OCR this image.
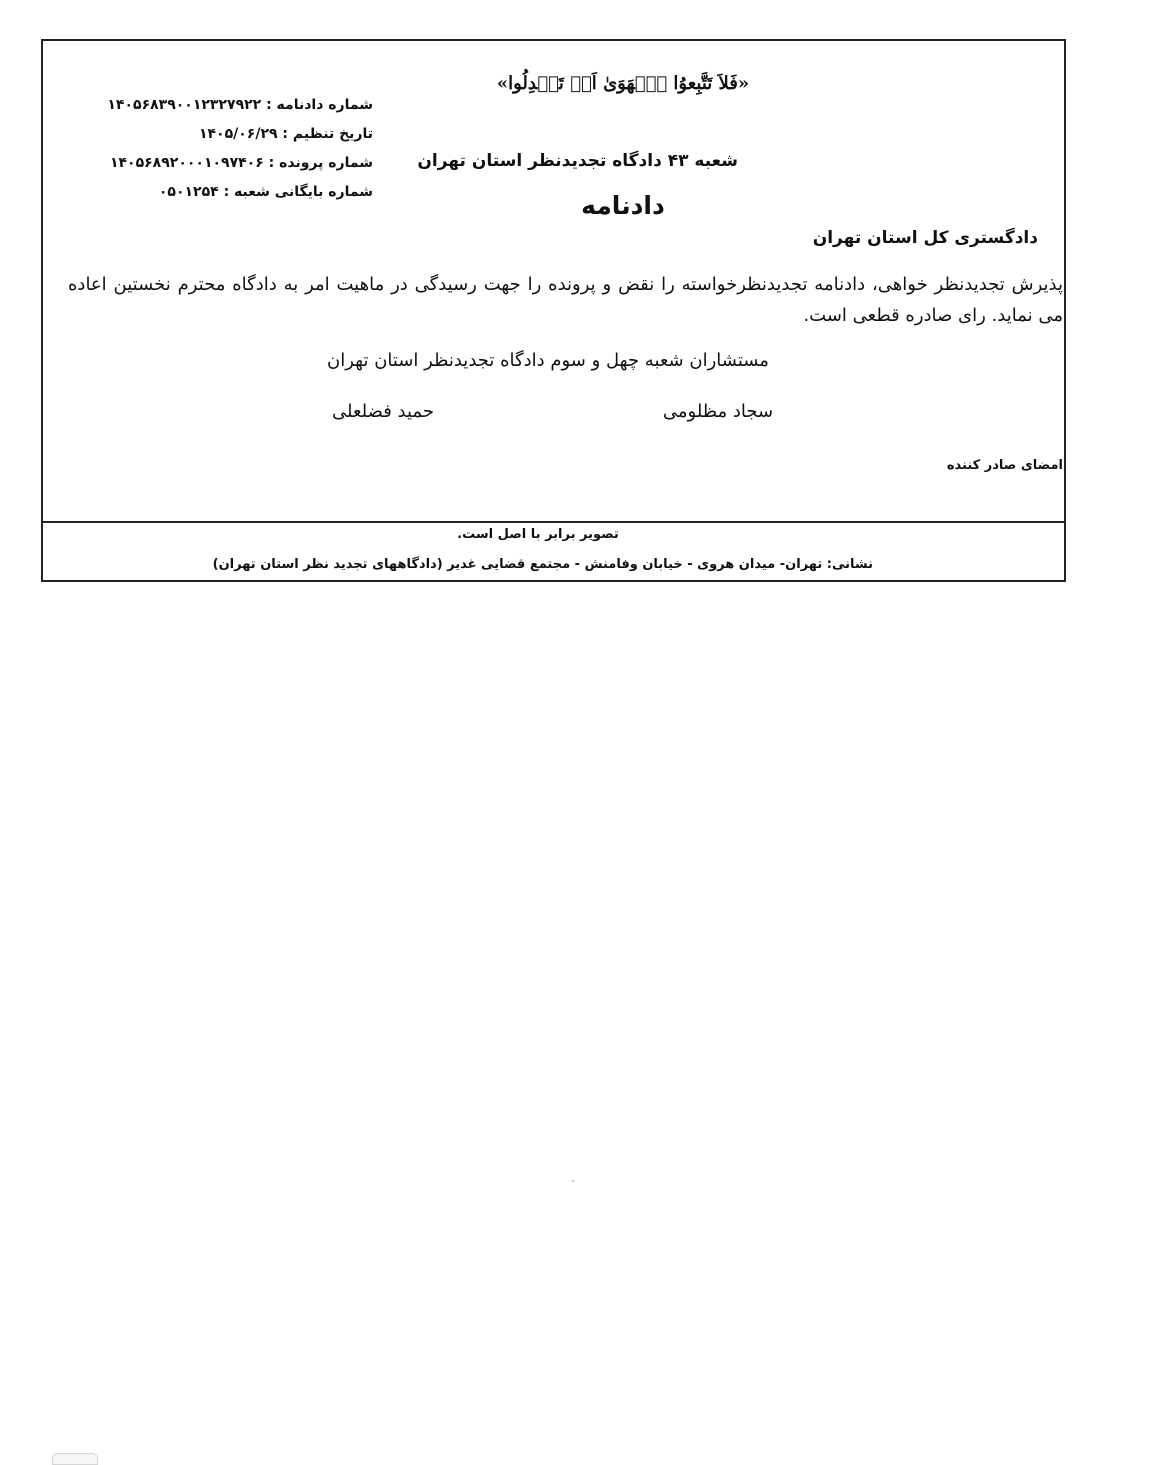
«فَلاَ تَتَّبِعوُا ٱلۡهَوَىٰ اَنۡ تَعۡدِلُوا»
شماره دادنامه : ۱۴۰۵۶۸۳۹۰۰۱۲۳۲۷۹۲۲
تاریخ تنظیم : ۱۴۰۵/۰۶/۲۹
شماره پرونده : ۱۴۰۵۶۸۹۲۰۰۰۱۰۹۷۴۰۶
شماره بایگانی شعبه : ۰۵۰۱۲۵۴
شعبه ۴۳ دادگاه تجدیدنظر استان تهران
دادنامه
دادگستری کل استان تهران
پذیرش تجدیدنظر خواهی، دادنامه تجدیدنظرخواسته را نقض و پرونده را جهت رسیدگی در ماهیت امر به دادگاه محترم نخستین اعاده می نماید. رای صادره قطعی است.
مستشاران شعبه چهل و سوم دادگاه تجدیدنظر استان تهران
سجاد مظلومی
حمید فضلعلی
امضای صادر کننده
تصویر برابر با اصل است.
نشانی: تهران- میدان هروی - خیابان وفامنش - مجتمع قضایی غدیر (دادگاههای تجدید نظر استان تهران)
